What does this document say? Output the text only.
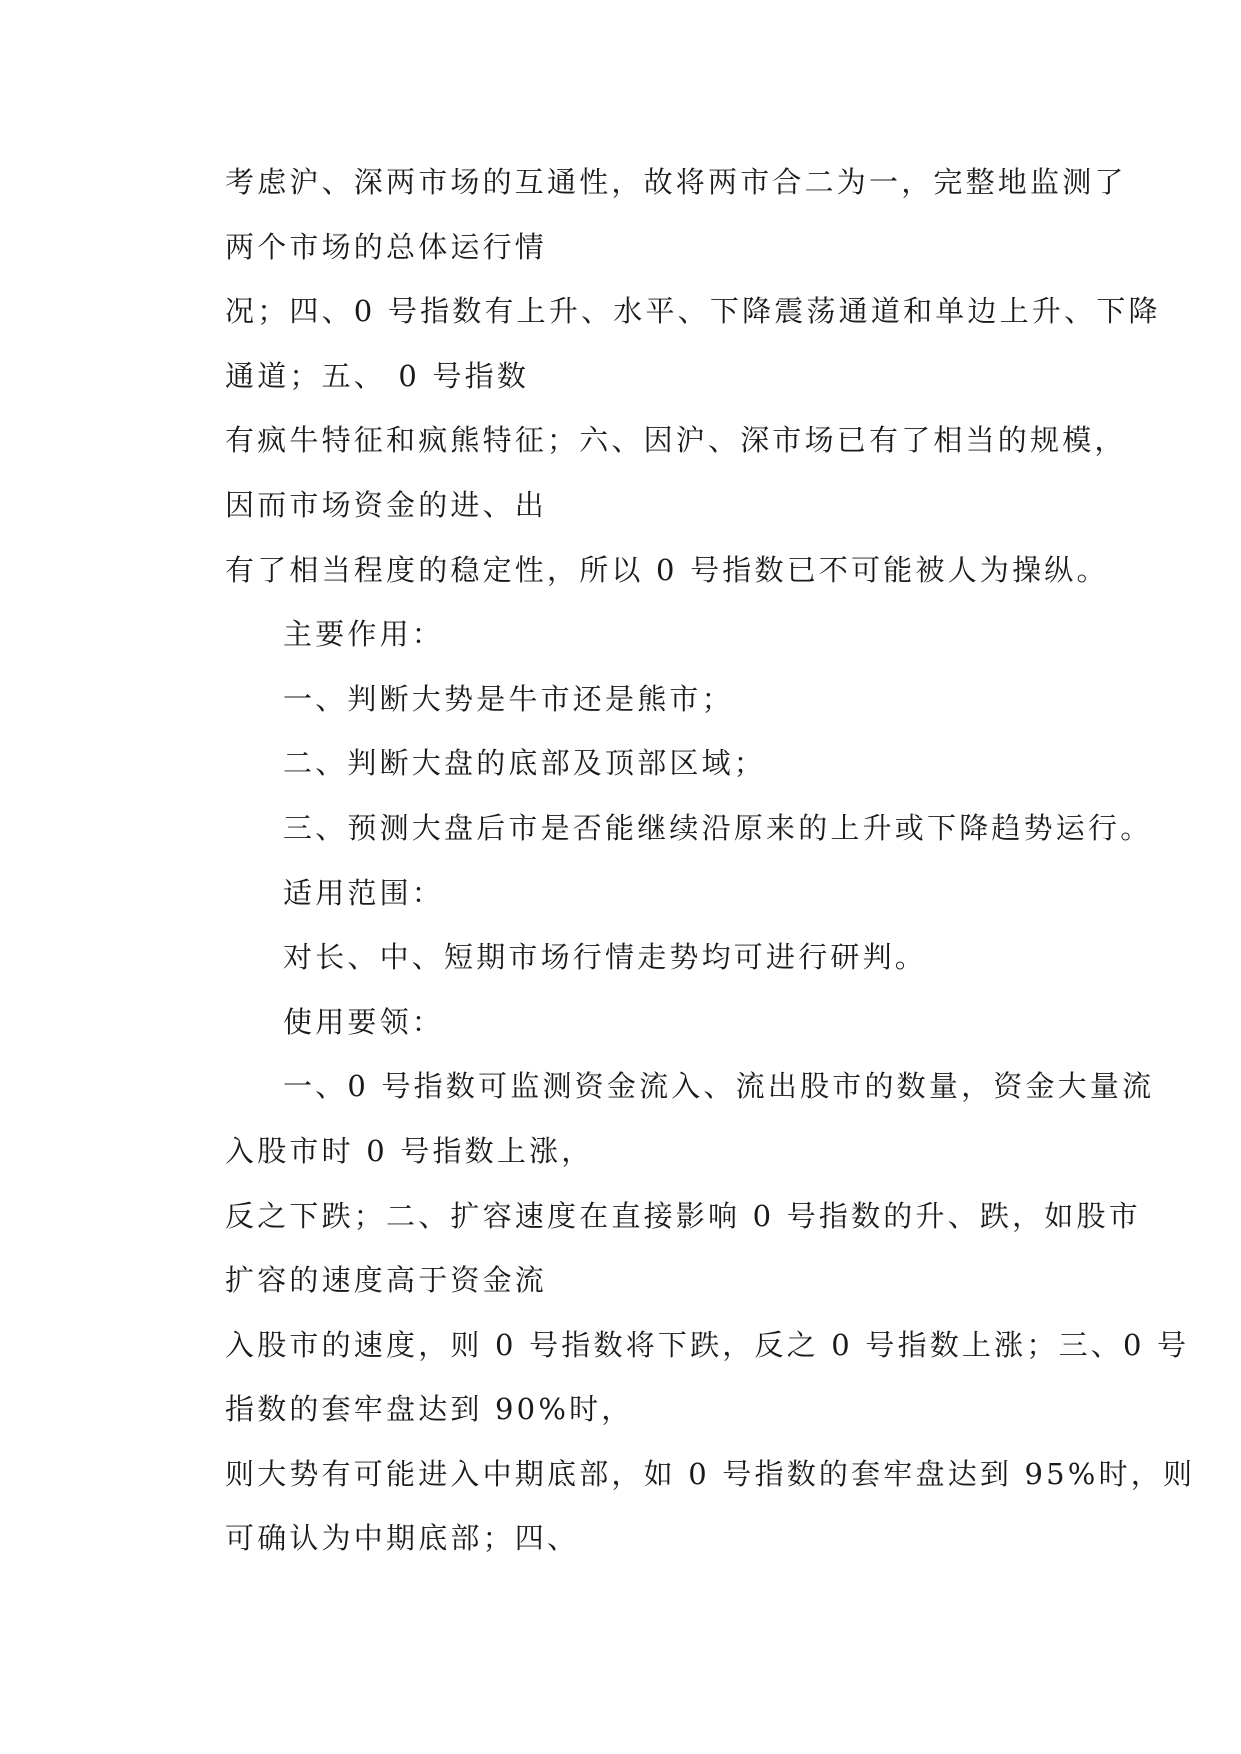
考虑沪、深两市场的互通性，故将两市合二为一，完整地监测了
两个市场的总体运行情
况；四、0 号指数有上升、水平、下降震荡通道和单边上升、下降
通道；五、 0 号指数
有疯牛特征和疯熊特征；六、因沪、深市场已有了相当的规模，
因而市场资金的进、出
有了相当程度的稳定性，所以 0 号指数已不可能被人为操纵。
主要作用：
一、判断大势是牛市还是熊市；
二、判断大盘的底部及顶部区域；
三、预测大盘后市是否能继续沿原来的上升或下降趋势运行。
适用范围：
对长、中、短期市场行情走势均可进行研判。
使用要领：
一、0 号指数可监测资金流入、流出股市的数量，资金大量流
入股市时 0 号指数上涨，
反之下跌；二、扩容速度在直接影响 0 号指数的升、跌，如股市
扩容的速度高于资金流
入股市的速度，则 0 号指数将下跌，反之 0 号指数上涨；三、0 号
指数的套牢盘达到 90%时，
则大势有可能进入中期底部，如 0 号指数的套牢盘达到 95%时，则
可确认为中期底部；四、
